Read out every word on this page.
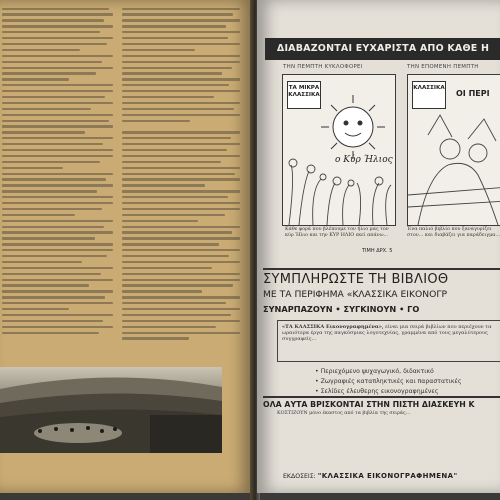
ΔΙΑΒΑΖΟΝΤΑΙ ΕΥΧΑΡΙΣΤΑ ΑΠΟ ΚΑΘΕ Η
ΤΗΝ ΠΕΜΠΤΗ ΚΥΚΛΟΦΟΡΕΙ	ΤΗΝ ΕΠΟΜΕΝΗ ΠΕΜΠΤΗ
ΤΑ ΜΙΚΡΑ ΚΛΑΣΣΙΚΑ
ο Κύρ Ήλιος
ΚΛΑΣΣΙΚΑ
ΟΙ ΠΕΡΙ
Κάθε φορά που βλέπουμε τον ήλιο μας τον κύρ Ήλιο και την ΚΥΡ ΗΛΙΟ εκεί απάνω...
Ένα παλιό βιβλίο που ξαναγυρίζει στον... και διαβάζει για παράδειγμα...
ΤΙΜΗ ΔΡΧ. 5
ΣΥΜΠΛΗΡΩΣΤΕ ΤΗ ΒΙΒΛΙΟΘ
ΜΕ ΤΑ ΠΕΡΙΦΗΜΑ «ΚΛΑΣΣΙΚΑ ΕΙΚΟΝΟΓΡ
ΣΥΝΑΡΠΑΖΟΥΝ • ΣΥΓΚΙΝΟΥΝ • ΓΟ
«ΤΑ ΚΛΑΣΣΙΚΑ Εικονογραφημένα», είναι μια σειρά βιβλίων που περιέχουν τα ωραιότερα έργα της παγκόσμιας λογοτεχνίας, γραμμένα από τους μεγαλύτερους συγγραφείς...
• Περιεχόμενο ψυχαγωγικό, διδακτικό
• Ζωγραφιές καταπληκτικές και παραστατικές
• Σελίδες έλευθερης εικονογραφημένες
ΟΛΑ ΑΥΤΑ ΒΡΙΣΚΟΝΤΑΙ ΣΤΗΝ ΠΙΣΤΗ ΔΙΑΣΚΕΥΗ Κ
ΚΟΣΤΙΖΟΥΝ μόνο έκαστος από τα βιβλία της σειράς...
ΕΚΔΟΣΕΙΣ: "ΚΛΑΣΣΙΚΑ ΕΙΚΟΝΟΓΡΑΦΗΜΕΝΑ"
